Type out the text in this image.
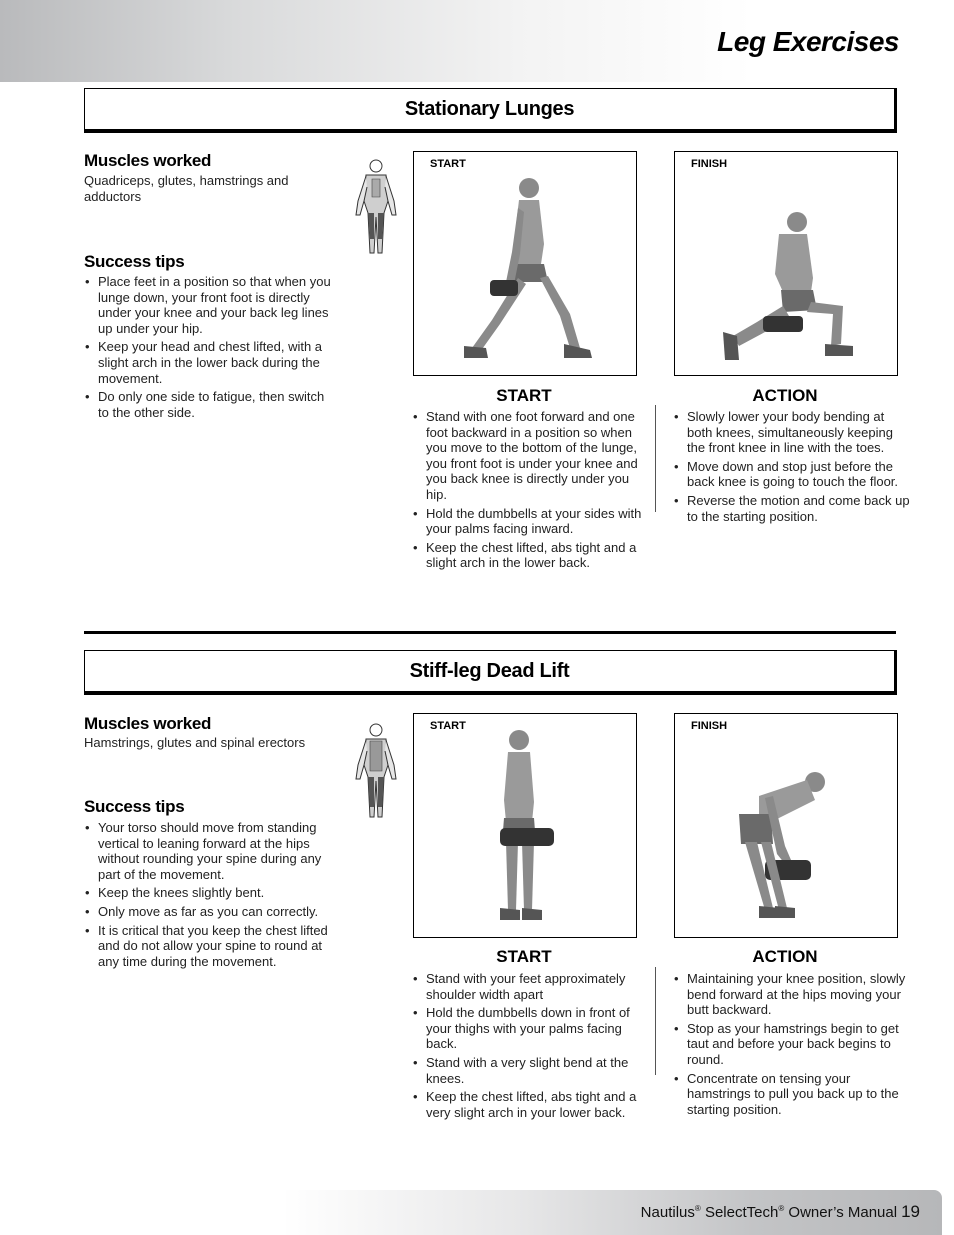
Leg Exercises
Stationary Lunges
Muscles worked

Quadriceps, glutes, hamstrings and adductors

Success tips
• Place feet in a position so that when you lunge down, your front foot is directly under your knee and your back leg lines up under your hip.
• Keep your head and chest lifted, with a slight arch in the lower back during the movement.
• Do only one side to fatigue, then switch to the other side.
START	FINISH
START
• Stand with one foot forward and one foot backward in a position so when you move to the bottom of the lunge, you front foot is under your knee and you back knee is directly under you hip.
• Hold the dumbbells at your sides with your palms facing inward.
• Keep the chest lifted, abs tight and a slight arch in the lower back.
ACTION
• Slowly lower your body bending at both knees, simultaneously keeping the front knee in line with the toes.
• Move down and stop just before the back knee is going to touch the floor.
• Reverse the motion and come back up to the starting position.
Stiff-leg Dead Lift
Muscles worked

Hamstrings, glutes and spinal erectors

Success tips
• Your torso should move from standing vertical to leaning forward at the hips without rounding your spine during any part of the movement.
• Keep the knees slightly bent.
• Only move as far as you can correctly.
• It is critical that you keep the chest lifted and do not allow your spine to round at any time during the movement.
START	FINISH
START
• Stand with your feet approximately shoulder width apart
• Hold the dumbbells down in front of your thighs with your palms facing back.
• Stand with a very slight bend at the knees.
• Keep the chest lifted, abs tight and a very slight arch in your lower back.
ACTION
• Maintaining your knee position, slowly bend forward at the hips moving your butt backward.
• Stop as your hamstrings begin to get taut and before your back begins to round.
• Concentrate on tensing your hamstrings to pull you back up to the starting position.
Nautilus® SelectTech® Owner’s Manual 19
